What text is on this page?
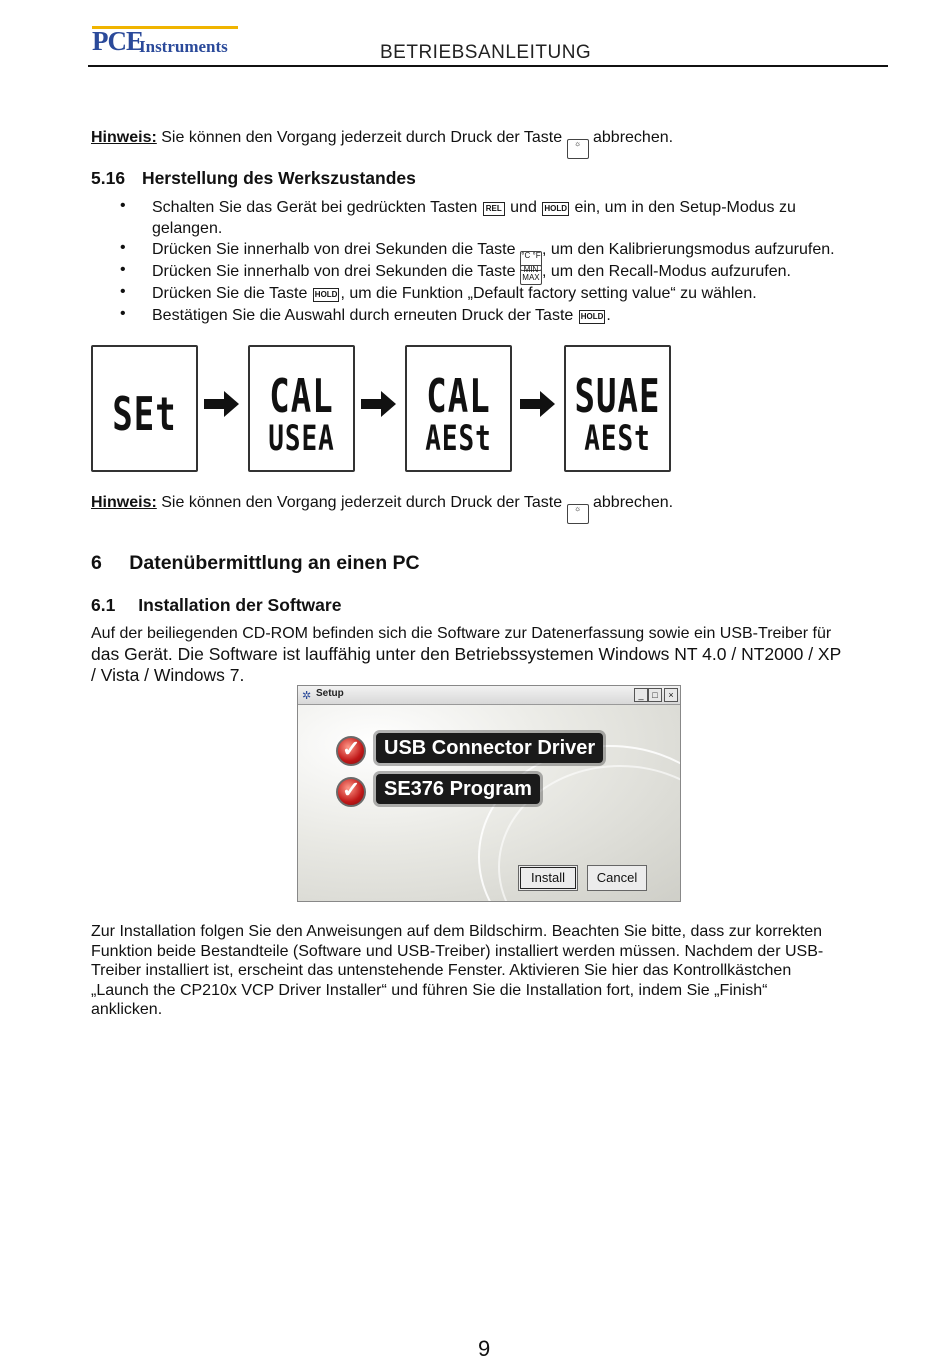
PCE
Instruments	BETRIEBSANLEITUNG
Hinweis: Sie können den Vorgang jederzeit durch Druck der Taste ☼ abbrechen.
5.16 Herstellung des Werkszustandes
• Schalten Sie das Gerät bei gedrückten Tasten REL und HOLD ein, um in den Setup-Modus zu
gelangen.
• Drücken Sie innerhalb von drei Sekunden die Taste °C °F, um den Kalibrierungsmodus aufzurufen.
• Drücken Sie innerhalb von drei Sekunden die Taste MIN MAX , um den Recall-Modus aufzurufen.
• Drücken Sie die Taste HOLD , um die Funktion „Default factory setting value“ zu wählen.
• Bestätigen Sie die Auswahl durch erneuten Druck der Taste HOLD .
SEt	CAL
USEA
CAL
AESt
SUAE
AESt
Hinweis: Sie können den Vorgang jederzeit durch Druck der Taste ☼ abbrechen.
6 Datenübermittlung an einen PC
6.1 Installation der Software
Auf der beiliegenden CD-ROM befinden sich die Software zur Datenerfassung sowie ein USB-Treiber für
das Gerät. Die Software ist lauffähig unter den Betriebssystemen Windows NT 4.0 / NT2000 / XP
/ Vista / Windows 7.
✲ Setup	_ □	×
✓	USB Connector Driver
✓	SE376 Program
Install	Cancel
Zur Installation folgen Sie den Anweisungen auf dem Bildschirm. Beachten Sie bitte, dass zur korrekten
Funktion beide Bestandteile (Software und USB-Treiber) installiert werden müssen. Nachdem der USB-
Treiber installiert ist, erscheint das untenstehende Fenster. Aktivieren Sie hier das Kontrollkästchen
„Launch the CP210x VCP Driver Installer“ und führen Sie die Installation fort, indem Sie „Finish“
anklicken.
9
